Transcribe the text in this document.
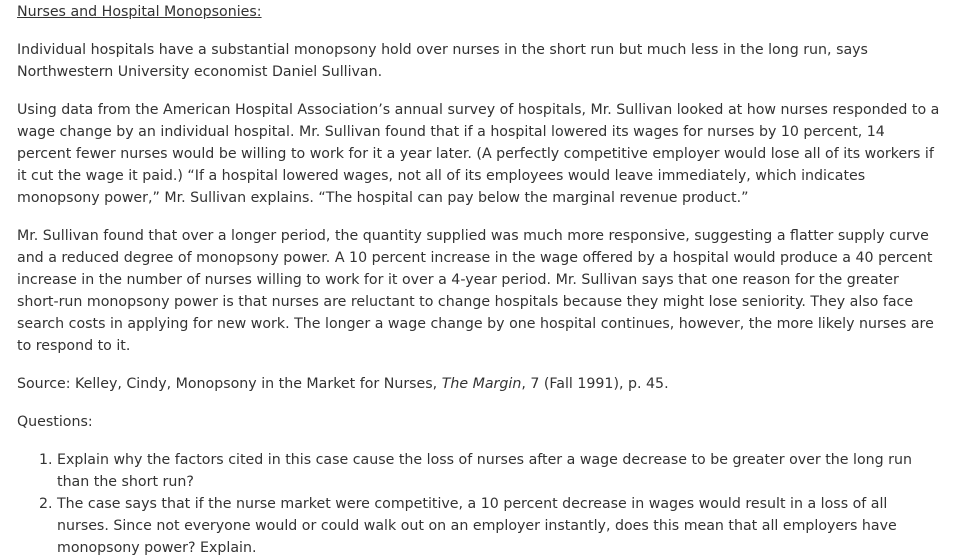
Nurses and Hospital Monopsonies:

Individual hospitals have a substantial monopsony hold over nurses in the short run but much less in the long run, says Northwestern University economist Daniel Sullivan.

Using data from the American Hospital Association’s annual survey of hospitals, Mr. Sullivan looked at how nurses responded to a wage change by an individual hospital. Mr. Sullivan found that if a hospital lowered its wages for nurses by 10 percent, 14 percent fewer nurses would be willing to work for it a year later. (A perfectly competitive employer would lose all of its workers if it cut the wage it paid.) “If a hospital lowered wages, not all of its employees would leave immediately, which indicates monopsony power,” Mr. Sullivan explains. “The hospital can pay below the marginal revenue product.”

Mr. Sullivan found that over a longer period, the quantity supplied was much more responsive, suggesting a flatter supply curve and a reduced degree of monopsony power. A 10 percent increase in the wage offered by a hospital would produce a 40 percent increase in the number of nurses willing to work for it over a 4-year period. Mr. Sullivan says that one reason for the greater short-run monopsony power is that nurses are reluctant to change hospitals because they might lose seniority. They also face search costs in applying for new work. The longer a wage change by one hospital continues, however, the more likely nurses are to respond to it.

Source: Kelley, Cindy, Monopsony in the Market for Nurses, The Margin, 7 (Fall 1991), p. 45.

Questions:

1. Explain why the factors cited in this case cause the loss of nurses after a wage decrease to be greater over the long run than the short run?
2. The case says that if the nurse market were competitive, a 10 percent decrease in wages would result in a loss of all nurses. Since not everyone would or could walk out on an employer instantly, does this mean that all employers have monopsony power? Explain.
